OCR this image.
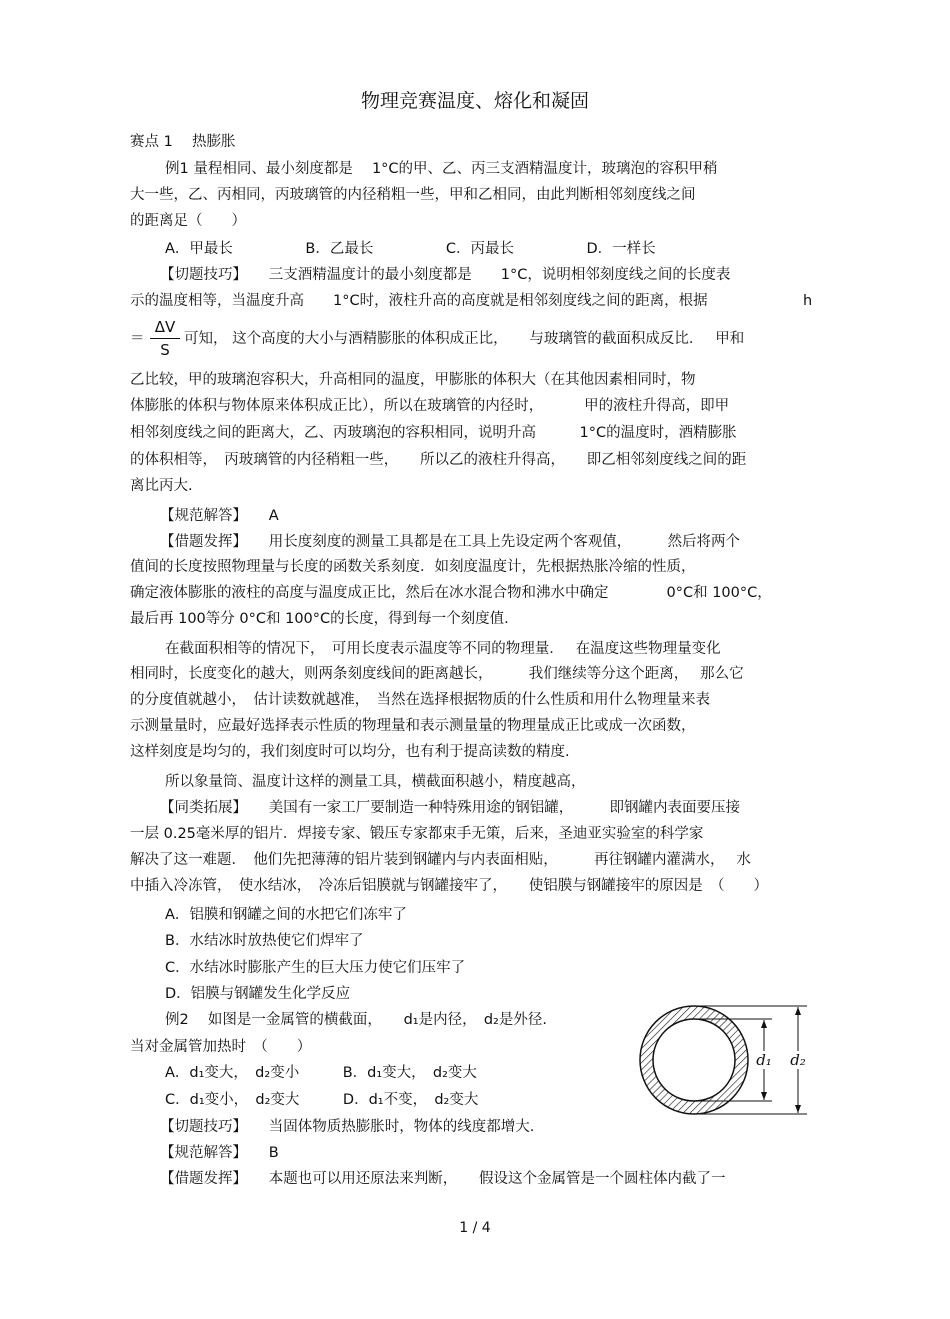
物理竞赛温度、熔化和凝固
赛点 1　 热膨胀
例1 量程相同、最小刻度都是　 1°C的甲、乙、丙三支酒精温度计，玻璃泡的容积甲稍
大一些，乙、丙相同，丙玻璃管的内径稍粗一些，甲和乙相同，由此判断相邻刻度线之间
的距离足（　　）
A．甲最长　　　　　B．乙最长　　　　　C．丙最长　　　　　D．一样长
【切题技巧】　　三支酒精温度计的最小刻度都是　　1°C，说明相邻刻度线之间的长度表
示的温度相等，当温度升高　　1°C时，液柱升高的高度就是相邻刻度线之间的距离，根据	h
＝	可知， 这个高度的大小与酒精膨胀的体积成正比，　　与玻璃管的截面积成反比．　 甲和
乙比较，甲的玻璃泡容积大，升高相同的温度，甲膨胀的体积大（在其他因素相同时，物
体膨胀的体积与物体原来体积成正比），所以在玻璃管的内径时，　　　 甲的液柱升得高，即甲
相邻刻度线之间的距离大，乙、丙玻璃泡的容积相同，说明升高　　　1°C的温度时，酒精膨胀
的体积相等，　丙玻璃管的内径稍粗一些，　　所以乙的液柱升得高，　　即乙相邻刻度线之间的距
离比丙大.
【规范解答】　　A
【借题发挥】　　用长度刻度的测量工具都是在工具上先设定两个客观值，　　　然后将两个
值间的长度按照物理量与长度的函数关系刻度．如刻度温度计，先根据热胀冷缩的性质，
确定液体膨胀的液柱的高度与温度成正比，然后在冰水混合物和沸水中确定　　　　0°C和 100°C，
最后再 100等分 0°C和 100°C的长度，得到每一个刻度值.
在截面积相等的情况下，　可用长度表示温度等不同的物理量．　 在温度这些物理量变化
相同时，长度变化的越大，则两条刻度线间的距离越长，　　　我们继续等分这个距离，　 那么它
的分度值就越小，　估计读数就越准，　当然在选择根据物质的什么性质和用什么物理量来表
示测量量时，应最好选择表示性质的物理量和表示测量量的物理量成正比或成一次函数，
这样刻度是均匀的，我们刻度时可以均分，也有利于提高读数的精度.
所以象量筒、温度计这样的测量工具，横截面积越小，精度越高，
【同类拓展】　　美国有一家工厂要制造一种特殊用途的钢铝罐，　　　即钢罐内表面要压接
一层 0.25毫米厚的铝片．焊接专家、锻压专家都束手无策，后来，圣迪亚实验室的科学家
解决了这一难题．　他们先把薄薄的铝片装到钢罐内与内表面相贴，　　　再往钢罐内灌满水，　 水
中插入冷冻管，　使水结冰，　冷冻后铝膜就与钢罐接牢了，　　使铝膜与钢罐接牢的原因是　（　　）
A．铝膜和钢罐之间的水把它们冻牢了
B．水结冰时放热使它们焊牢了
C．水结冰时膨胀产生的巨大压力使它们压牢了
D．铝膜与钢罐发生化学反应
例2　 如图是一金属管的横截面，　　d₁是内径，　d₂是外径.
当对金属管加热时　（　　）
A．d₁变大，　d₂变小　　　B．d₁变大，　d₂变大
C．d₁变小，　d₂变大　　　D．d₁不变，　d₂变大
【切题技巧】　　当固体物质热膨胀时，物体的线度都增大.
【规范解答】　　B
【借题发挥】　　本题也可以用还原法来判断，　　假设这个金属管是一个圆柱体内截了一
ΔV
S
d₁ d₂
1 / 4
